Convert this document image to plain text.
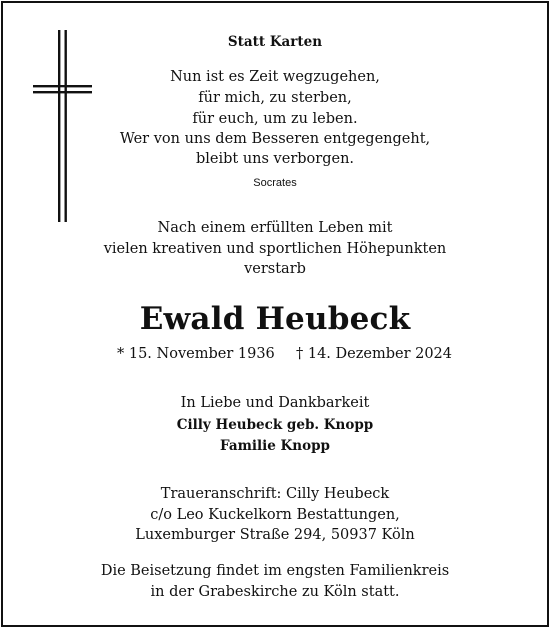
Statt Karten
Nun ist es Zeit wegzugehen,
für mich, zu sterben,
für euch, um zu leben.
Wer von uns dem Besseren entgegengeht,
bleibt uns verborgen.
Socrates
Nach einem erfüllten Leben mit
vielen kreativen und sportlichen Höhepunkten
verstarb
Ewald Heubeck
* 15. November 1936 † 14. Dezember 2024
In Liebe und Dankbarkeit
Cilly Heubeck geb. Knopp
Familie Knopp
Traueranschrift: Cilly Heubeck
c/o Leo Kuckelkorn Bestattungen,
Luxemburger Straße 294, 50937 Köln
Die Beisetzung findet im engsten Familienkreis
in der Grabeskirche zu Köln statt.
